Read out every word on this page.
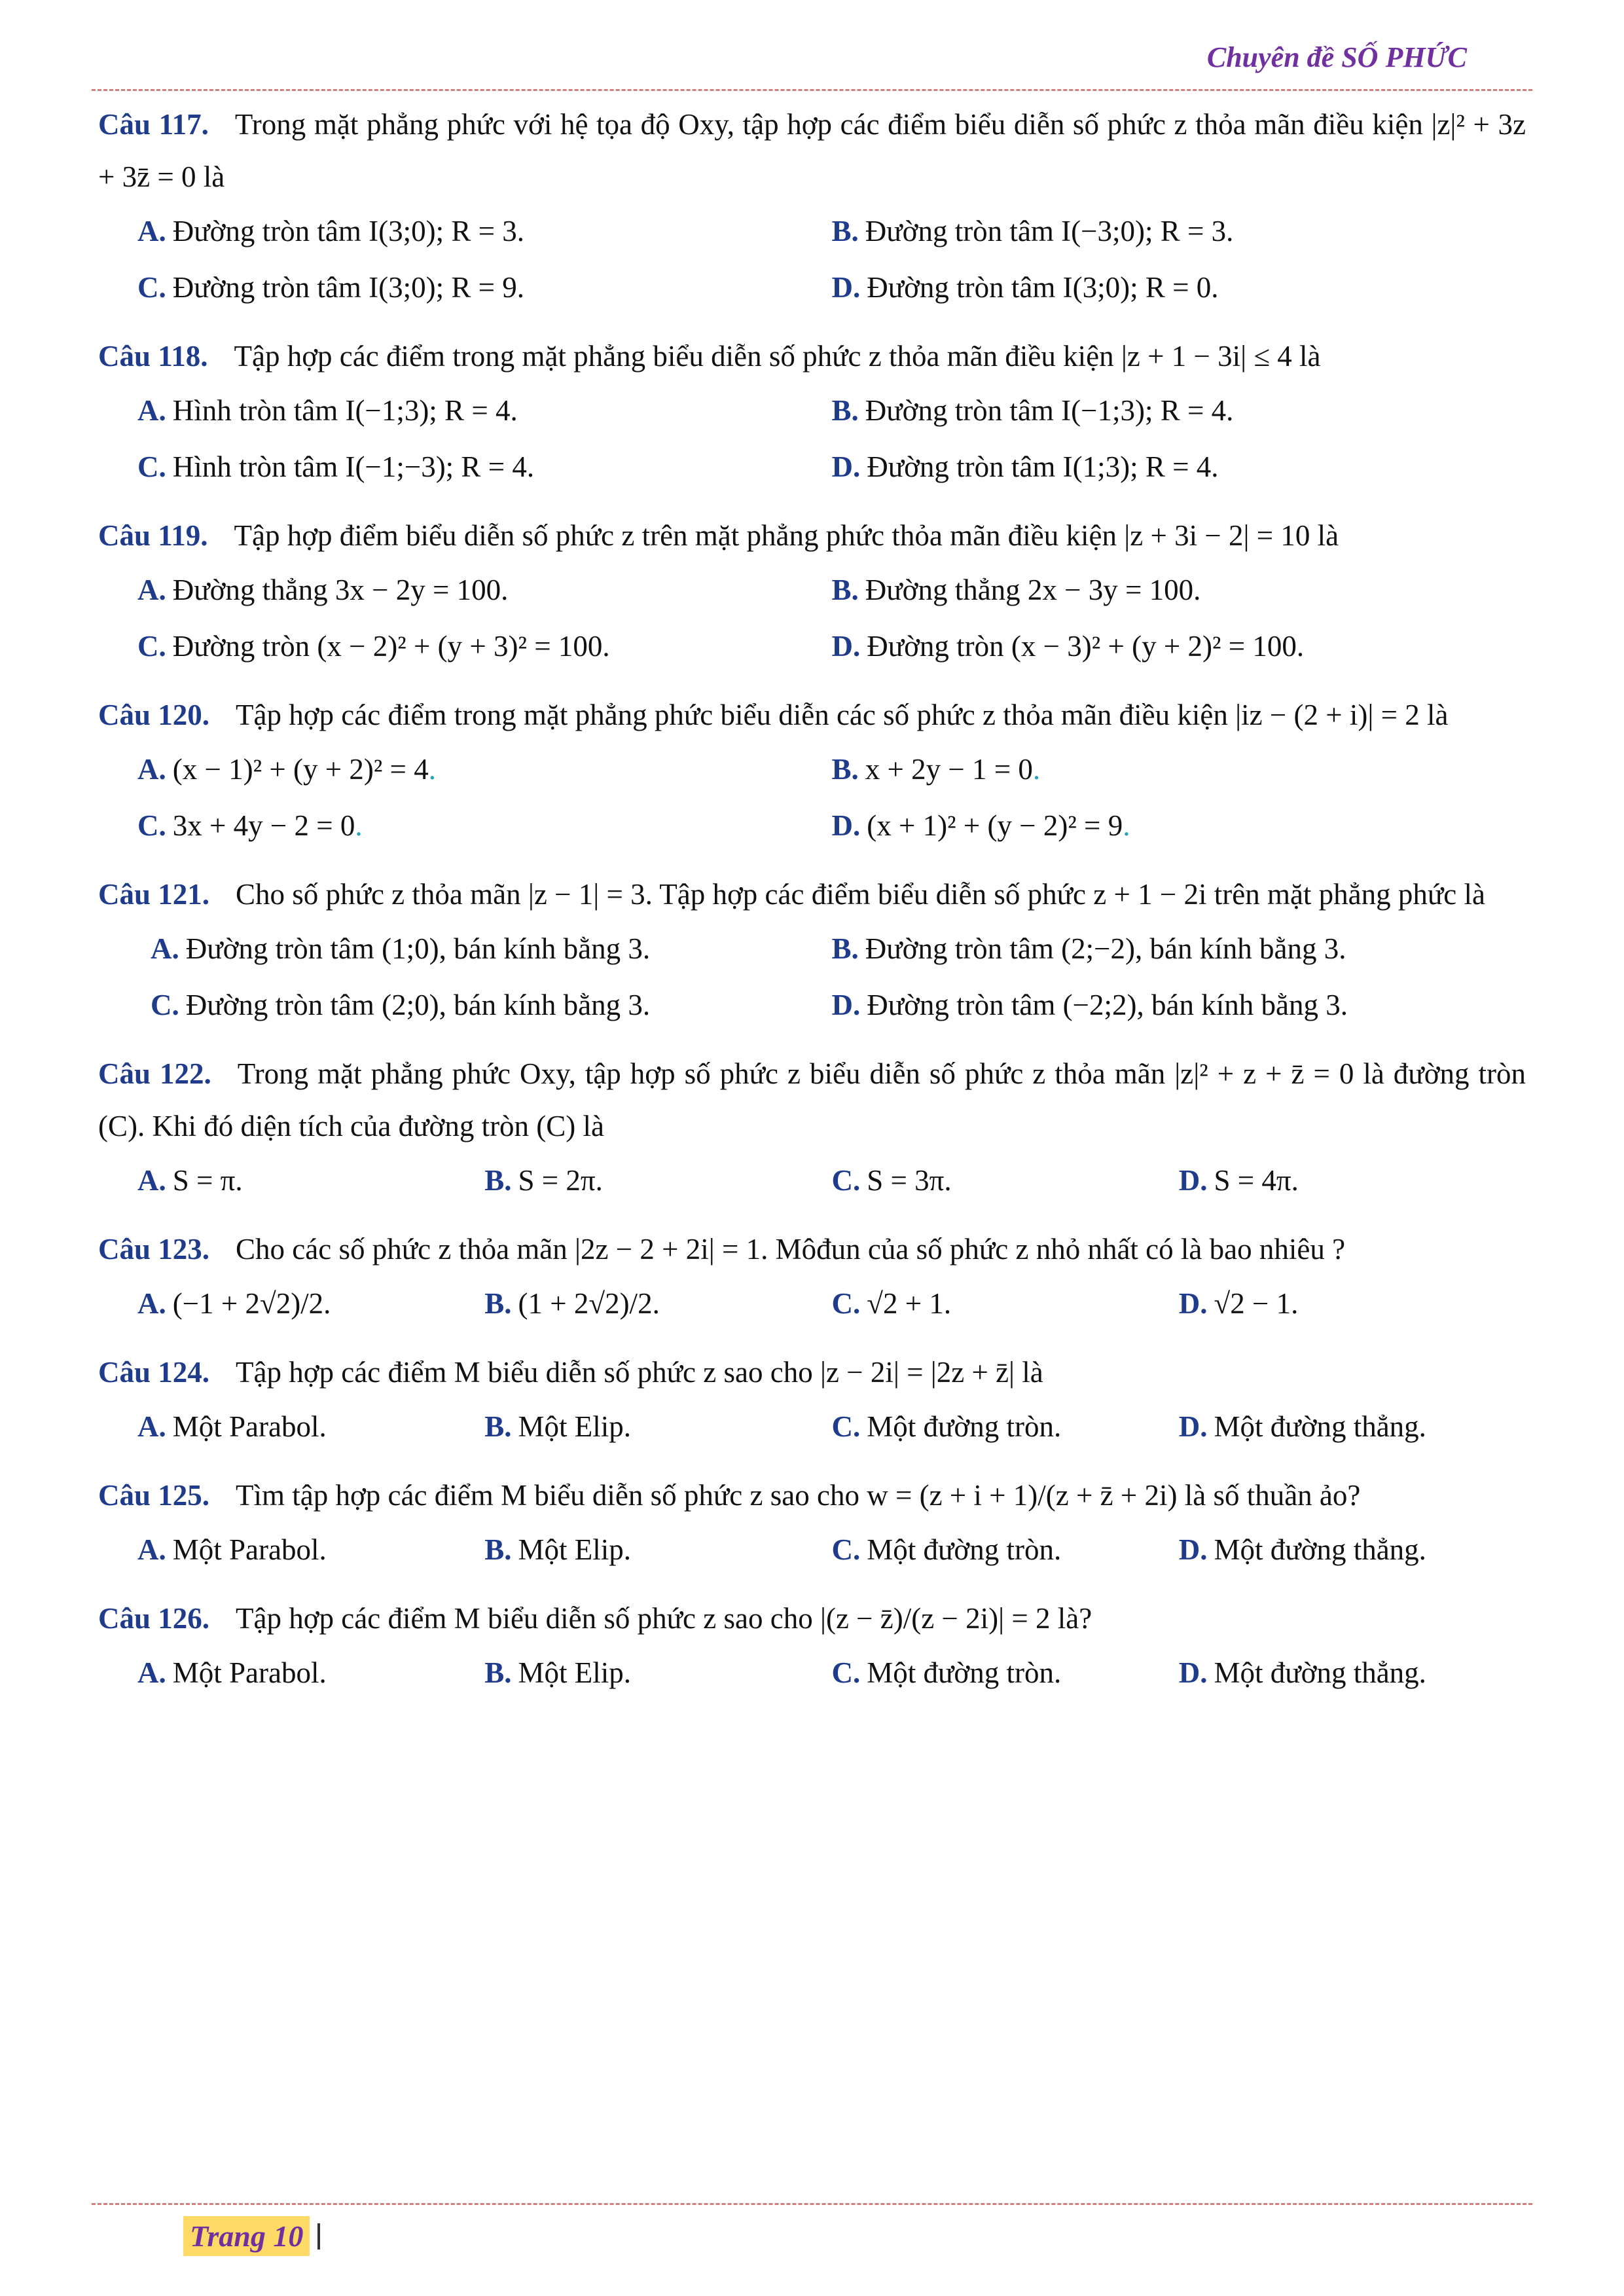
Chuyên đề SỐ PHỨC
Câu 117. Trong mặt phẳng phức với hệ tọa độ Oxy, tập hợp các điểm biểu diễn số phức z thỏa mãn điều kiện |z|² + 3z + 3z̄ = 0 là
A. Đường tròn tâm I(3;0); R = 3.	B. Đường tròn tâm I(−3;0); R = 3.
C. Đường tròn tâm I(3;0); R = 9.	D. Đường tròn tâm I(3;0); R = 0.
Câu 118. Tập hợp các điểm trong mặt phẳng biểu diễn số phức z thỏa mãn điều kiện |z + 1 − 3i| ≤ 4 là
A. Hình tròn tâm I(−1;3); R = 4.	B. Đường tròn tâm I(−1;3); R = 4.
C. Hình tròn tâm I(−1;−3); R = 4.	D. Đường tròn tâm I(1;3); R = 4.
Câu 119. Tập hợp điểm biểu diễn số phức z trên mặt phẳng phức thỏa mãn điều kiện |z + 3i − 2| = 10 là
A. Đường thẳng 3x − 2y = 100.	B. Đường thẳng 2x − 3y = 100.
C. Đường tròn (x − 2)² + (y + 3)² = 100.	D. Đường tròn (x − 3)² + (y + 2)² = 100.
Câu 120. Tập hợp các điểm trong mặt phẳng phức biểu diễn các số phức z thỏa mãn điều kiện |iz − (2 + i)| = 2 là
A. (x − 1)² + (y + 2)² = 4.	B. x + 2y − 1 = 0.
C. 3x + 4y − 2 = 0.	D. (x + 1)² + (y − 2)² = 9.
Câu 121. Cho số phức z thỏa mãn |z − 1| = 3. Tập hợp các điểm biểu diễn số phức z + 1 − 2i trên mặt phẳng phức là
A. Đường tròn tâm (1;0), bán kính bằng 3.	B. Đường tròn tâm (2;−2), bán kính bằng 3.
C. Đường tròn tâm (2;0), bán kính bằng 3.	D. Đường tròn tâm (−2;2), bán kính bằng 3.
Câu 122. Trong mặt phẳng phức Oxy, tập hợp số phức z biểu diễn số phức z thỏa mãn |z|² + z + z̄ = 0 là đường tròn (C). Khi đó diện tích của đường tròn (C) là
A. S = π.	B. S = 2π.	C. S = 3π.	D. S = 4π.
Câu 123. Cho các số phức z thỏa mãn |2z − 2 + 2i| = 1. Môđun của số phức z nhỏ nhất có là bao nhiêu ?
A. (−1 + 2√2)/2.	B. (1 + 2√2)/2.	C. √2 + 1.	D. √2 − 1.
Câu 124. Tập hợp các điểm M biểu diễn số phức z sao cho |z − 2i| = |2z + z̄| là
A. Một Parabol.	B. Một Elip.	C. Một đường tròn.	D. Một đường thẳng.
Câu 125. Tìm tập hợp các điểm M biểu diễn số phức z sao cho w = (z + i + 1)/(z + z̄ + 2i) là số thuần ảo?
A. Một Parabol.	B. Một Elip.	C. Một đường tròn.	D. Một đường thẳng.
Câu 126. Tập hợp các điểm M biểu diễn số phức z sao cho |(z − z̄)/(z − 2i)| = 2 là?
A. Một Parabol.	B. Một Elip.	C. Một đường tròn.	D. Một đường thẳng.
Trang 10
